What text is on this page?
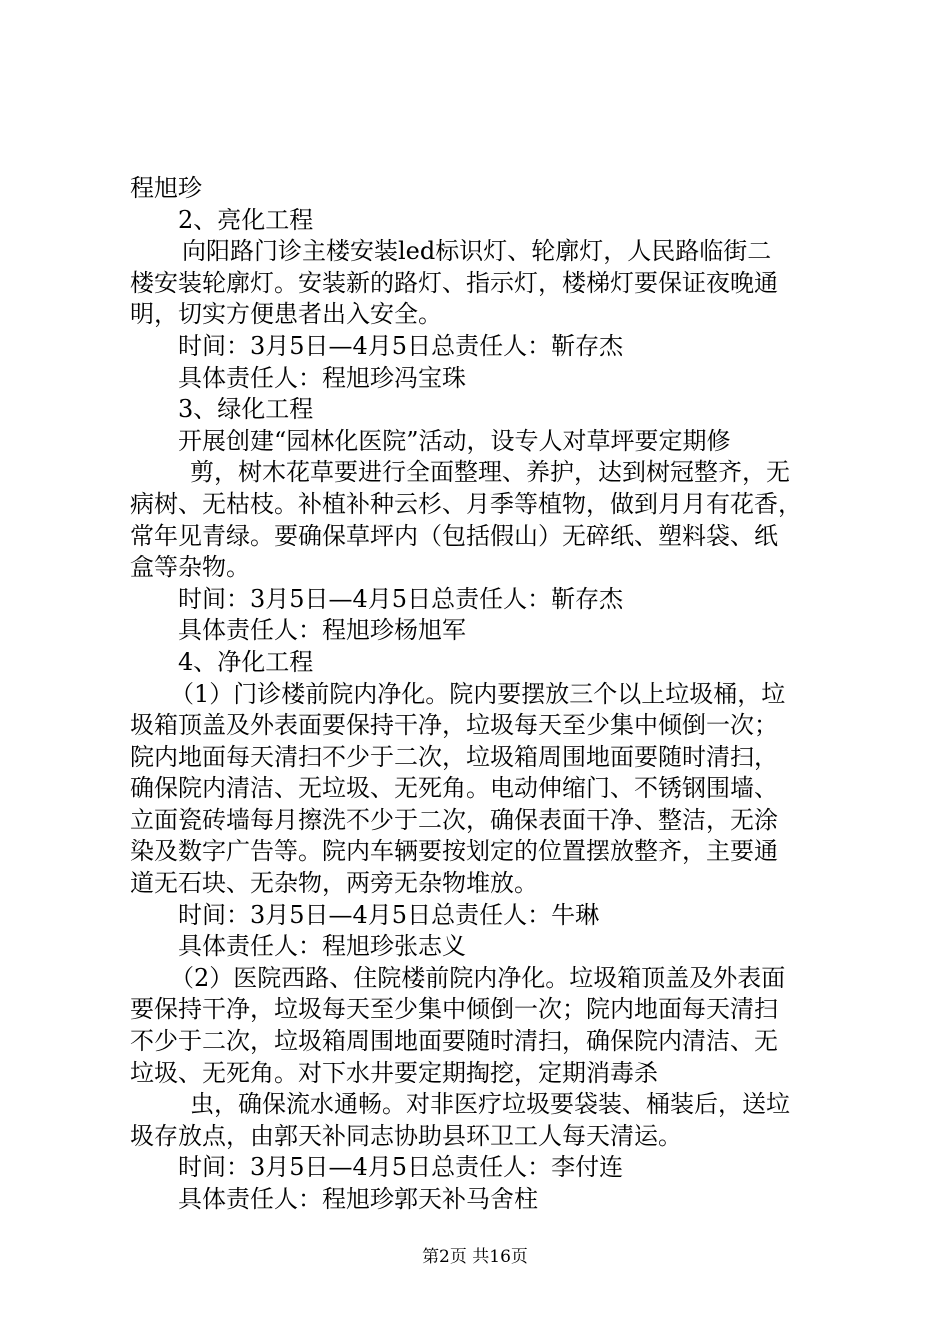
程旭珍
2、亮化工程
向阳路门诊主楼安装led标识灯、轮廓灯，人民路临街二
楼安装轮廓灯。安装新的路灯、指示灯，楼梯灯要保证夜晚通
明，切实方便患者出入安全。
时间：3月5日—4月5日总责任人：靳存杰
具体责任人：程旭珍冯宝珠
3、绿化工程
开展创建“园林化医院”活动，设专人对草坪要定期修
剪，树木花草要进行全面整理、养护，达到树冠整齐，无
病树、无枯枝。补植补种云杉、月季等植物，做到月月有花香，
常年见青绿。要确保草坪内（包括假山）无碎纸、塑料袋、纸
盒等杂物。
时间：3月5日—4月5日总责任人：靳存杰
具体责任人：程旭珍杨旭军
4、净化工程
（1）门诊楼前院内净化。院内要摆放三个以上垃圾桶，垃
圾箱顶盖及外表面要保持干净，垃圾每天至少集中倾倒一次；
院内地面每天清扫不少于二次，垃圾箱周围地面要随时清扫，
确保院内清洁、无垃圾、无死角。电动伸缩门、不锈钢围墙、
立面瓷砖墙每月擦洗不少于二次，确保表面干净、整洁，无涂
染及数字广告等。院内车辆要按划定的位置摆放整齐，主要通
道无石块、无杂物，两旁无杂物堆放。
时间：3月5日—4月5日总责任人：牛琳
具体责任人：程旭珍张志义
（2）医院西路、住院楼前院内净化。垃圾箱顶盖及外表面
要保持干净，垃圾每天至少集中倾倒一次；院内地面每天清扫
不少于二次，垃圾箱周围地面要随时清扫，确保院内清洁、无
垃圾、无死角。对下水井要定期掏挖，定期消毒杀
虫，确保流水通畅。对非医疗垃圾要袋装、桶装后，送垃
圾存放点，由郭天补同志协助县环卫工人每天清运。
时间：3月5日—4月5日总责任人：李付连
具体责任人：程旭珍郭天补马舍柱
第2页 共16页
